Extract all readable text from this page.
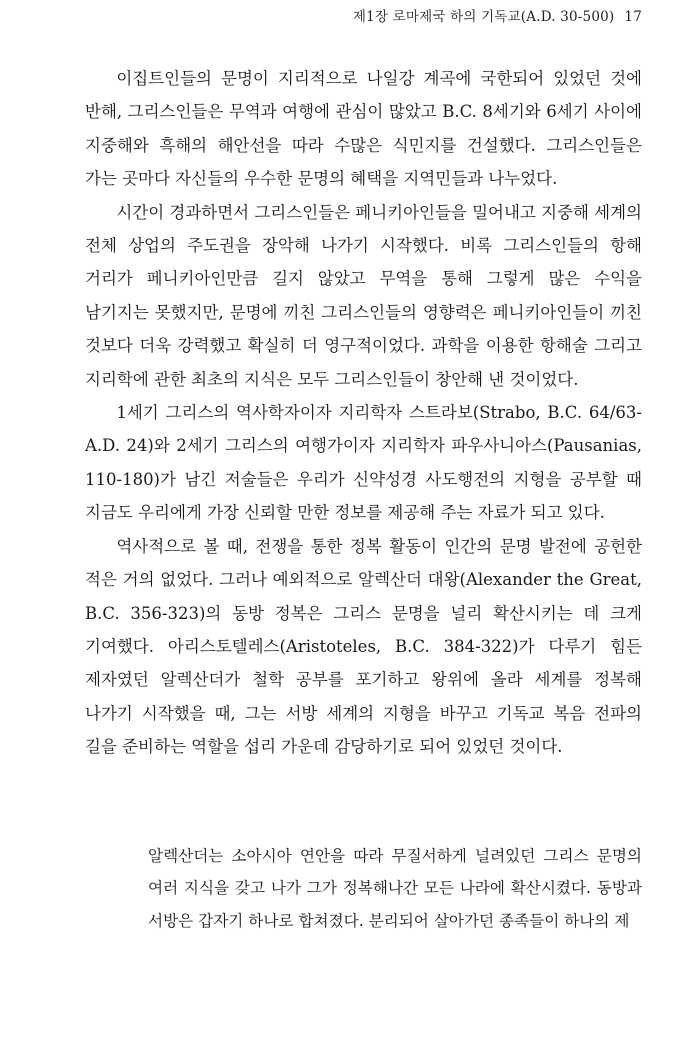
제1장 로마제국 하의 기독교(A.D. 30-500) 17

이집트인들의 문명이 지리적으로 나일강 계곡에 국한되어 있었던 것에 반해, 그리스인들은 무역과 여행에 관심이 많았고 B.C. 8세기와 6세기 사이에 지중해와 흑해의 해안선을 따라 수많은 식민지를 건설했다. 그리스인들은 가는 곳마다 자신들의 우수한 문명의 혜택을 지역민들과 나누었다.

시간이 경과하면서 그리스인들은 페니키아인들을 밀어내고 지중해 세계의 전체 상업의 주도권을 장악해 나가기 시작했다. 비록 그리스인들의 항해 거리가 페니키아인만큼 길지 않았고 무역을 통해 그렇게 많은 수익을 남기지는 못했지만, 문명에 끼친 그리스인들의 영향력은 페니키아인들이 끼친 것보다 더욱 강력했고 확실히 더 영구적이었다. 과학을 이용한 항해술 그리고 지리학에 관한 최초의 지식은 모두 그리스인들이 창안해 낸 것이었다.

1세기 그리스의 역사학자이자 지리학자 스트라보(Strabo, B.C. 64/63-A.D. 24)와 2세기 그리스의 여행가이자 지리학자 파우사니아스(Pausanias, 110-180)가 남긴 저술들은 우리가 신약성경 사도행전의 지형을 공부할 때 지금도 우리에게 가장 신뢰할 만한 정보를 제공해 주는 자료가 되고 있다.

역사적으로 볼 때, 전쟁을 통한 정복 활동이 인간의 문명 발전에 공헌한 적은 거의 없었다. 그러나 예외적으로 알렉산더 대왕(Alexander the Great, B.C. 356-323)의 동방 정복은 그리스 문명을 널리 확산시키는 데 크게 기여했다. 아리스토텔레스(Aristoteles, B.C. 384-322)가 다루기 힘든 제자였던 알렉산더가 철학 공부를 포기하고 왕위에 올라 세계를 정복해 나가기 시작했을 때, 그는 서방 세계의 지형을 바꾸고 기독교 복음 전파의 길을 준비하는 역할을 섭리 가운데 감당하기로 되어 있었던 것이다.

알렉산더는 소아시아 연안을 따라 무질서하게 널려있던 그리스 문명의 여러 지식을 갖고 나가 그가 정복해나간 모든 나라에 확산시켰다. 동방과 서방은 갑자기 하나로 합쳐졌다. 분리되어 살아가던 종족들이 하나의 제
